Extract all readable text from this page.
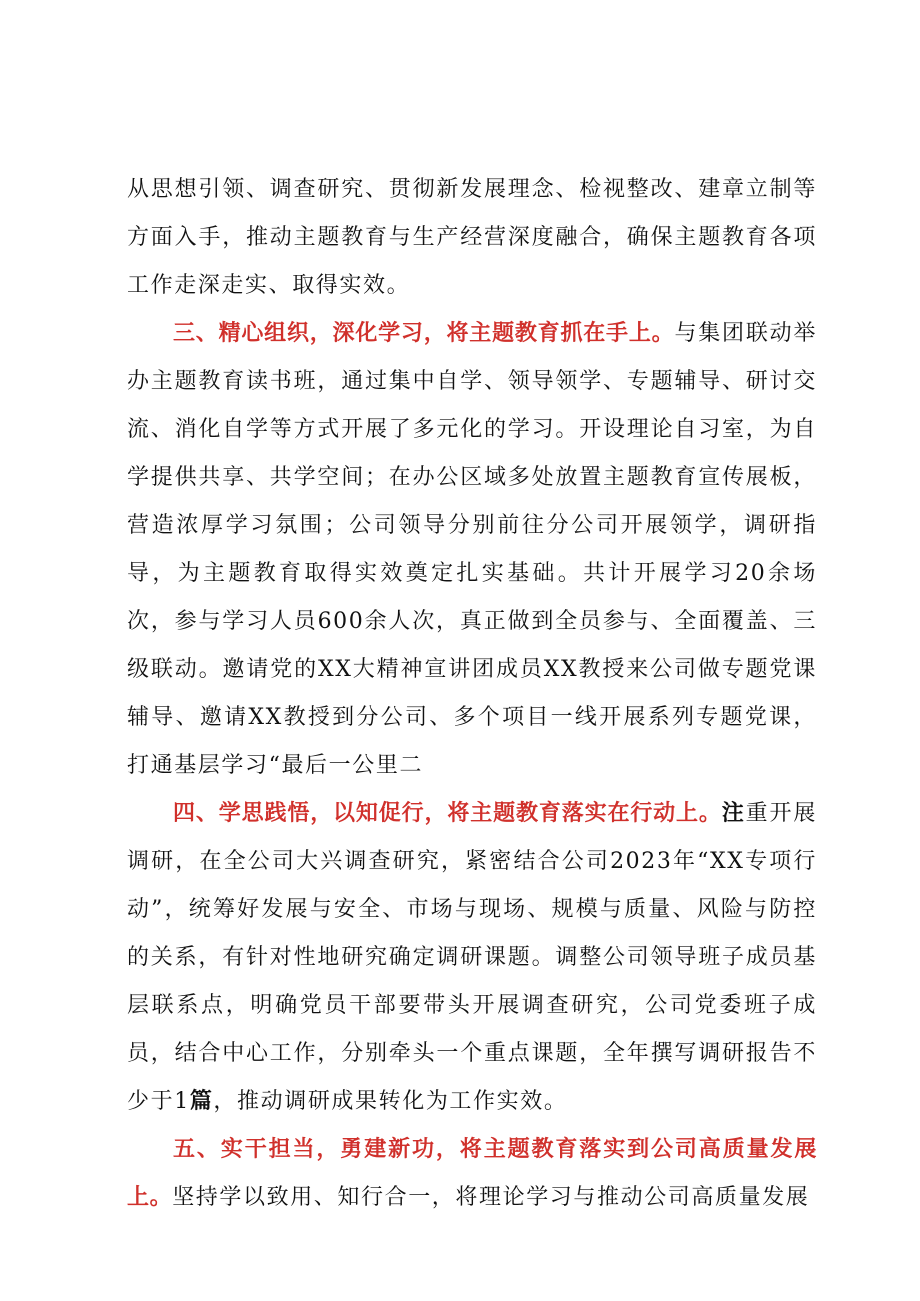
从思想引领、调查研究、贯彻新发展理念、检视整改、建章立制等方面入手，推动主题教育与生产经营深度融合，确保主题教育各项工作走深走实、取得实效。

三、精心组织，深化学习，将主题教育抓在手上。与集团联动举办主题教育读书班，通过集中自学、领导领学、专题辅导、研讨交流、消化自学等方式开展了多元化的学习。开设理论自习室，为自学提供共享、共学空间；在办公区域多处放置主题教育宣传展板，营造浓厚学习氛围；公司领导分别前往分公司开展领学，调研指导，为主题教育取得实效奠定扎实基础。共计开展学习20余场次，参与学习人员600余人次，真正做到全员参与、全面覆盖、三级联动。邀请党的XX大精神宣讲团成员XX教授来公司做专题党课辅导、邀请XX教授到分公司、多个项目一线开展系列专题党课，打通基层学习“最后一公里二

四、学思践悟，以知促行，将主题教育落实在行动上。注重开展调研，在全公司大兴调查研究，紧密结合公司2023年“XX专项行动”，统筹好发展与安全、市场与现场、规模与质量、风险与防控的关系，有针对性地研究确定调研课题。调整公司领导班子成员基层联系点，明确党员干部要带头开展调查研究，公司党委班子成员，结合中心工作，分别牵头一个重点课题，全年撰写调研报告不少于1篇，推动调研成果转化为工作实效。

五、实干担当，勇建新功，将主题教育落实到公司高质量发展上。坚持学以致用、知行合一，将理论学习与推动公司高质量发展
